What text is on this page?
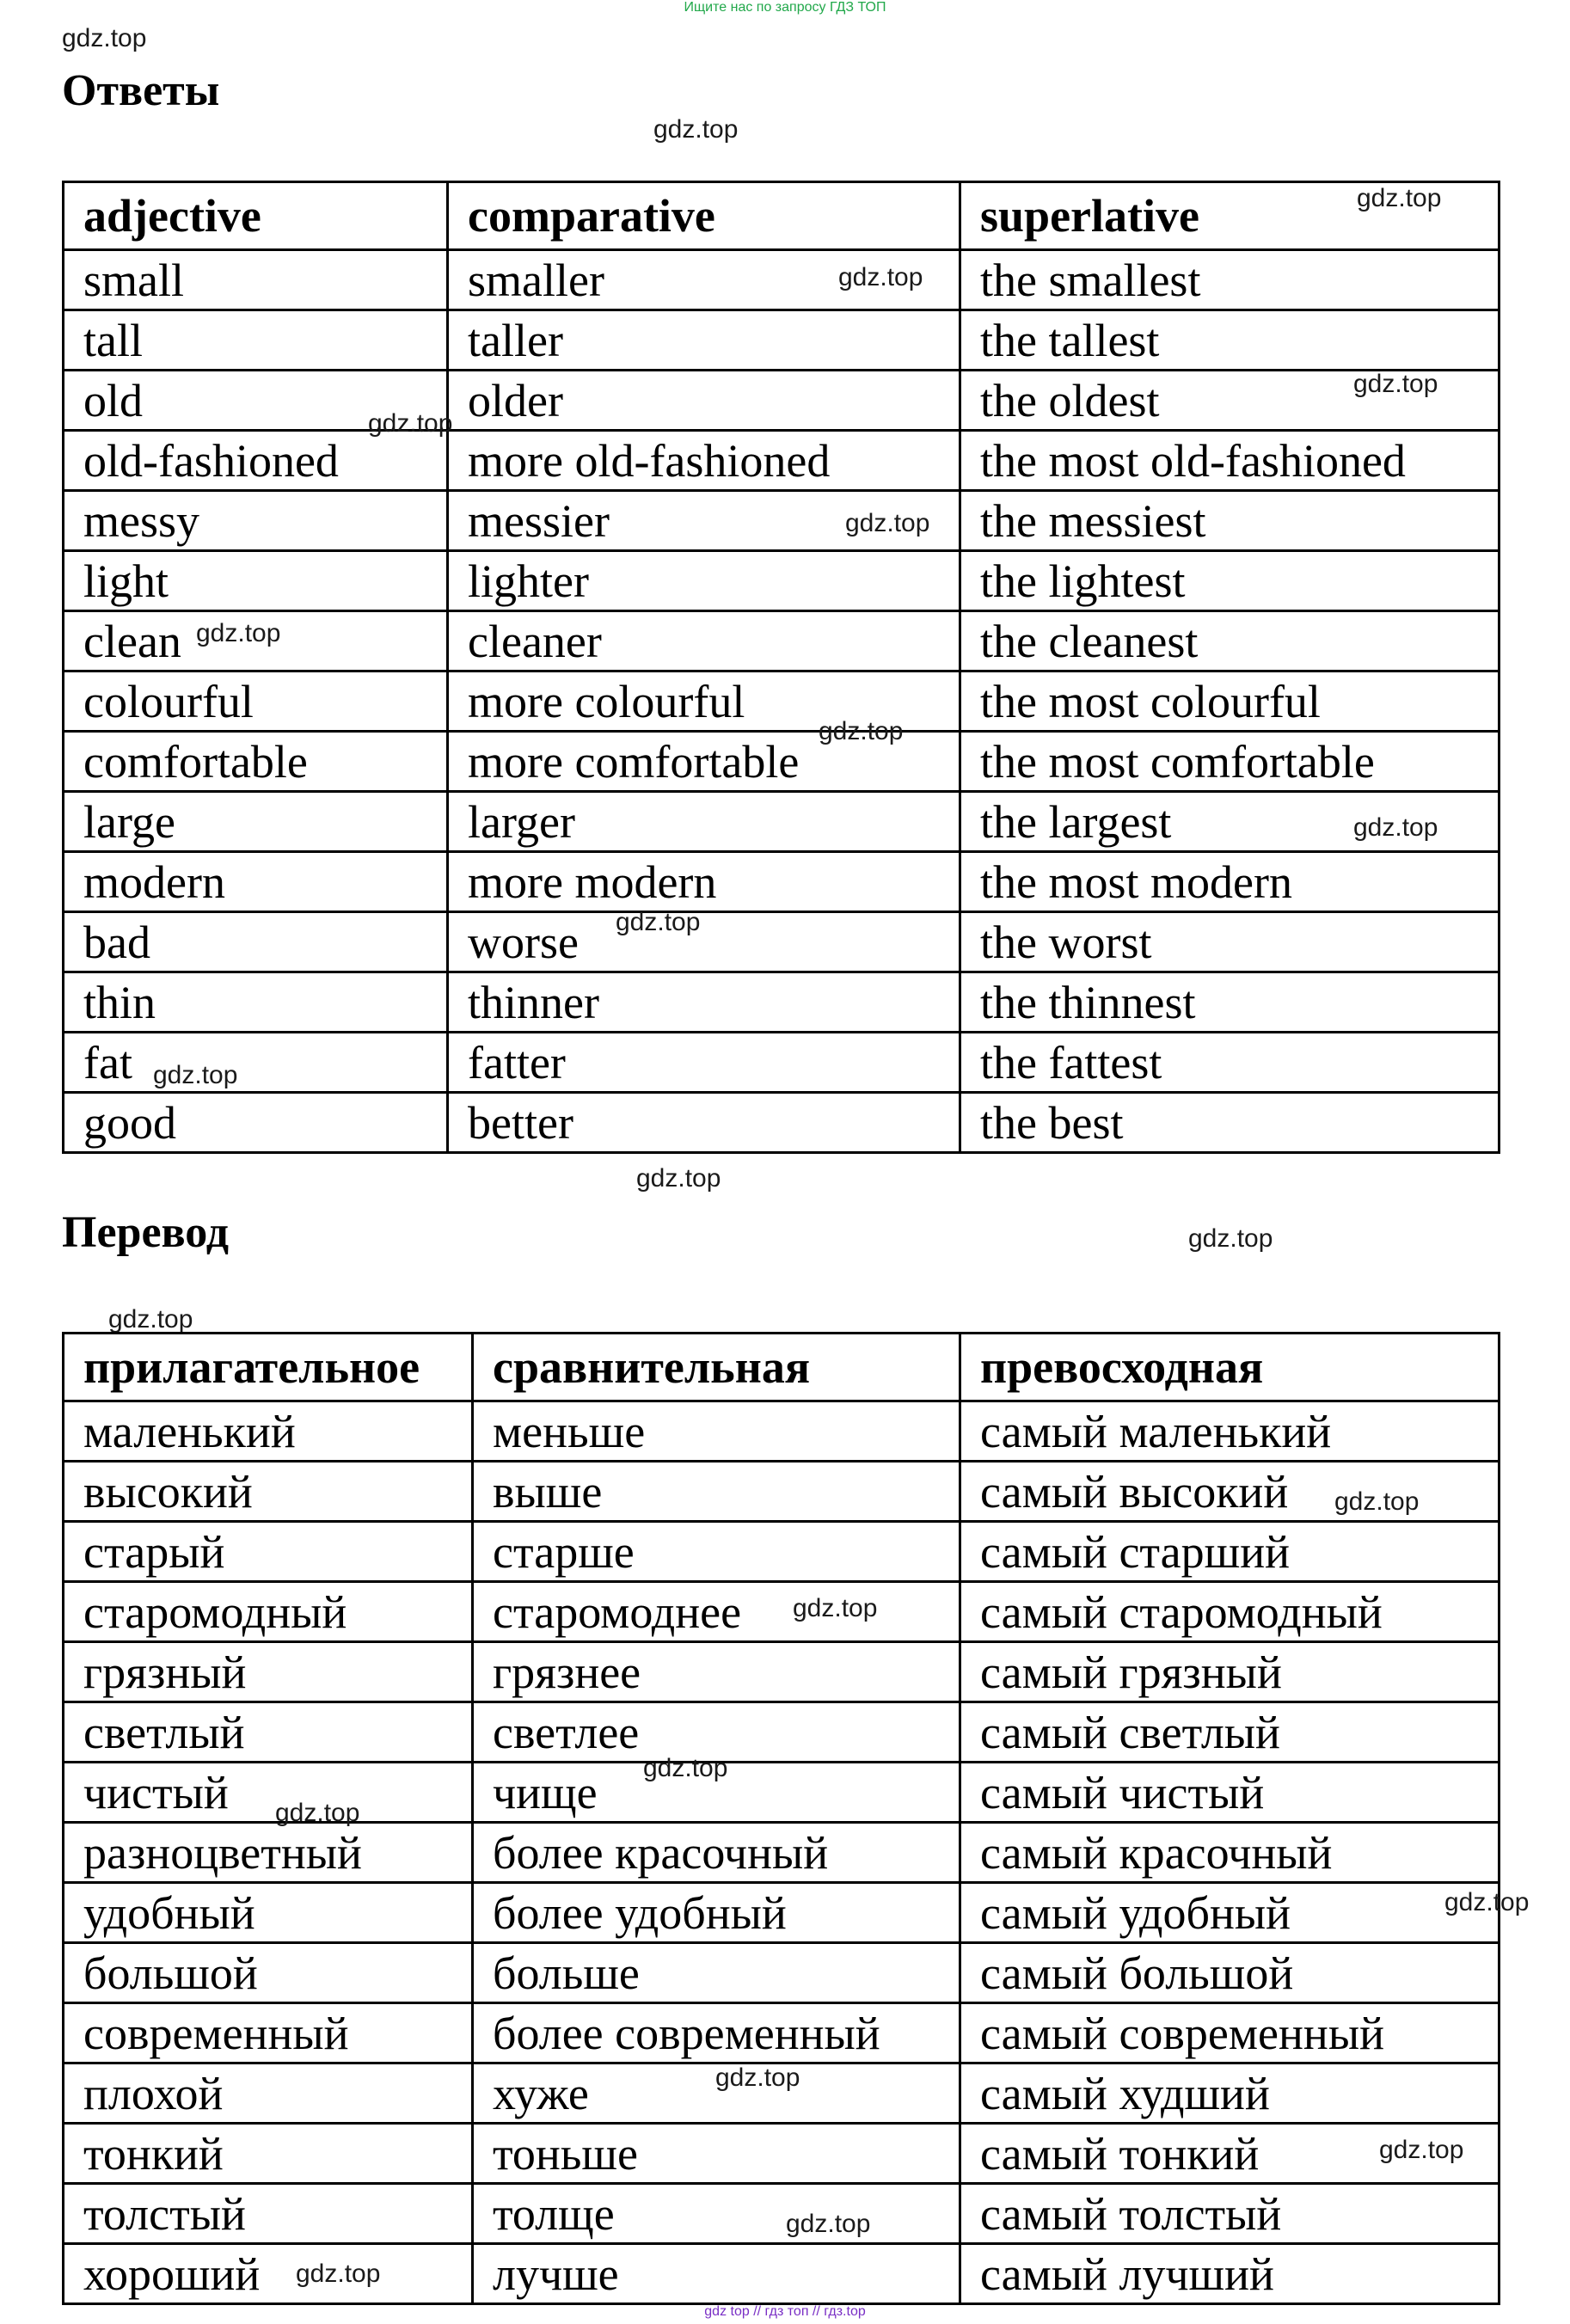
Ищите нас по запросу ГДЗ ТОП
gdz.top
Ответы
gdz.top
gdz.top
adjective	comparative	superlative
small	smaller	the smallest
tall	taller	the tallest
old	older	the oldest
old-fashioned	more old-fashioned	the most old-fashioned
messy	messier	the messiest
light	lighter	the lightest
clean	cleaner	the cleanest
colourful	more colourful	the most colourful
comfortable	more comfortable	the most comfortable
large	larger	the largest
modern	more modern	the most modern
bad	worse	the worst
thin	thinner	the thinnest
fat	fatter	the fattest
good	better	the best
gdz.top
gdz.top
gdz.top
gdz.top
gdz.top
gdz.top
gdz.top
gdz.top
gdz.top
gdz.top
Перевод	gdz.top
gdz.top
прилагательное	сравнительная	превосходная
маленький	меньше	самый маленький
высокий	выше	самый высокий
старый	старше	самый старший
старомодный	старомоднее	самый старомодный
грязный	грязнее	самый грязный
светлый	светлее	самый светлый
чистый	чище	самый чистый
разноцветный	более красочный	самый красочный
удобный	более удобный	самый удобный
большой	больше	самый большой
современный	более современный	самый современный
плохой	хуже	самый худший
тонкий	тоньше	самый тонкий
толстый	толще	самый толстый
хороший	лучше	самый лучший
gdz.top
gdz.top
gdz.top
gdz.top
gdz.top
gdz.top
gdz.top
gdz.top
gdz.top
gdz top // гдз топ // гдз.top
